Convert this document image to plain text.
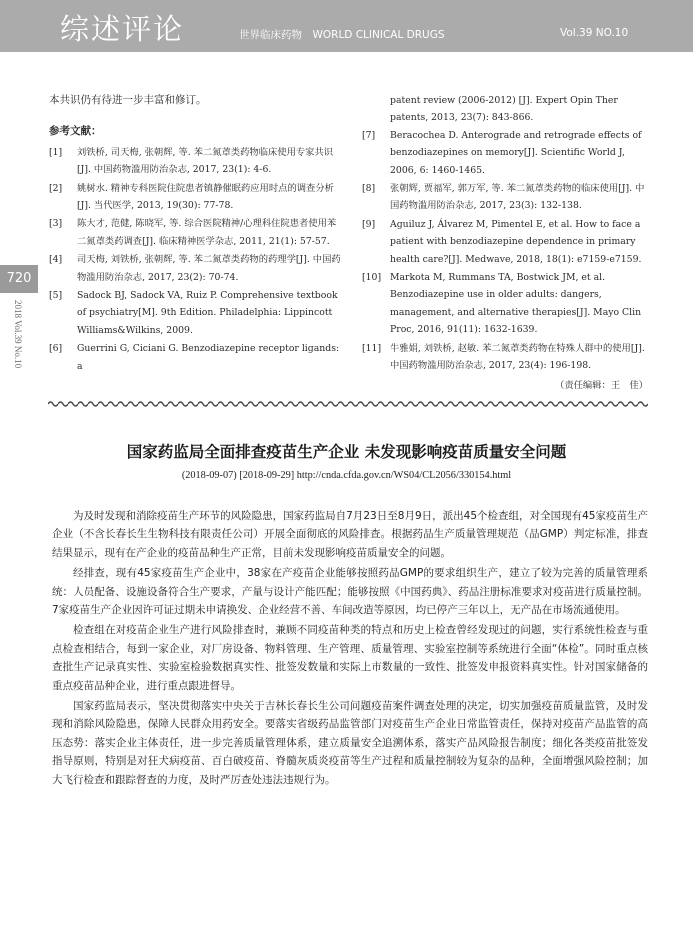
综述评论	世界临床药物　WORLD CLINICAL DRUGS	Vol.39 NO.10
720
2018 Vol.39 No.10

本共识仍有待进一步丰富和修订。

参考文献：
[1] 刘铁桥, 司天梅, 张朝辉, 等. 苯二氮䓬类药物临床使用专家共识[J]. 中国药物滥用防治杂志, 2017, 23(1): 4-6.
[2] 姚树水. 精神专科医院住院患者镇静催眠药应用时点的调查分析[J]. 当代医学, 2013, 19(30): 77-78.
[3] 陈大才, 范健, 陈晓军, 等. 综合医院精神/心理科住院患者使用苯二氮䓬类药调查[J]. 临床精神医学杂志, 2011, 21(1): 57-57.
[4] 司天梅, 刘铁桥, 张朝辉, 等. 苯二氮䓬类药物的药理学[J]. 中国药物滥用防治杂志, 2017, 23(2): 70-74.
[5] Sadock BJ, Sadock VA, Ruiz P. Comprehensive textbook of psychiatry[M]. 9th Edition. Philadelphia: Lippincott Williams&Wilkins, 2009.
[6] Guerrini G, Ciciani G. Benzodiazepine receptor ligands: a
patent review (2006-2012) [J]. Expert Opin Ther patents, 2013, 23(7): 843-866.
[7] Beracochea D. Anterograde and retrograde effects of benzodiazepines on memory[J]. Scientific World J, 2006, 6: 1460-1465.
[8] 张朝辉, 贾福军, 郭万军, 等. 苯二氮䓬类药物的临床使用[J]. 中国药物滥用防治杂志, 2017, 23(3): 132-138.
[9] Aguiluz J, Álvarez M, Pimentel E, et al. How to face a patient with benzodiazepine dependence in primary health care?[J]. Medwave, 2018, 18(1): e7159-e7159.
[10] Markota M, Rummans TA, Bostwick JM, et al. Benzodiazepine use in older adults: dangers, management, and alternative therapies[J]. Mayo Clin Proc, 2016, 91(11): 1632-1639.
[11] 牛雅娟, 刘铁桥, 赵敏. 苯二氮䓬类药物在特殊人群中的使用[J]. 中国药物滥用防治杂志, 2017, 23(4): 196-198.
（责任编辑：王　佳）
国家药监局全面排查疫苗生产企业 未发现影响疫苗质量安全问题
(2018-09-07) [2018-09-29] http://cnda.cfda.gov.cn/WS04/CL2056/330154.html

为及时发现和消除疫苗生产环节的风险隐患，国家药监局自7月23日至8月9日，派出45个检查组，对全国现有45家疫苗生产企业（不含长春长生生物科技有限责任公司）开展全面彻底的风险排查。根据药品生产质量管理规范（品GMP）判定标准，排查结果显示，现有在产企业的疫苗品种生产正常，目前未发现影响疫苗质量安全的问题。

经排查，现有45家疫苗生产企业中，38家在产疫苗企业能够按照药品GMP的要求组织生产，建立了较为完善的质量管理系统：人员配备、设施设备符合生产要求，产量与设计产能匹配；能够按照《中国药典》、药品注册标准要求对疫苗进行质量控制。7家疫苗生产企业因许可证过期未申请换发、企业经营不善、车间改造等原因，均已停产三年以上，无产品在市场流通使用。

检查组在对疫苗企业生产进行风险排查时，兼顾不同疫苗种类的特点和历史上检查曾经发现过的问题，实行系统性检查与重点检查相结合，每到一家企业，对厂房设备、物料管理、生产管理、质量管理、实验室控制等系统进行全面“体检”。同时重点核查批生产记录真实性、实验室检验数据真实性、批签发数量和实际上市数量的一致性、批签发申报资料真实性。针对国家储备的重点疫苗品种企业，进行重点跟进督导。

国家药监局表示，坚决贯彻落实中央关于吉林长春长生公司问题疫苗案件调查处理的决定，切实加强疫苗质量监管，及时发现和消除风险隐患，保障人民群众用药安全。要落实省级药品监管部门对疫苗生产企业日常监管责任，保持对疫苗产品监管的高压态势：落实企业主体责任，进一步完善质量管理体系，建立质量安全追溯体系，落实产品风险报告制度；细化各类疫苗批签发指导原则，特别是对狂犬病疫苗、百白破疫苗、脊髓灰质炎疫苗等生产过程和质量控制较为复杂的品种，全面增强风险控制；加大飞行检查和跟踪督查的力度，及时严厉查处违法违规行为。
